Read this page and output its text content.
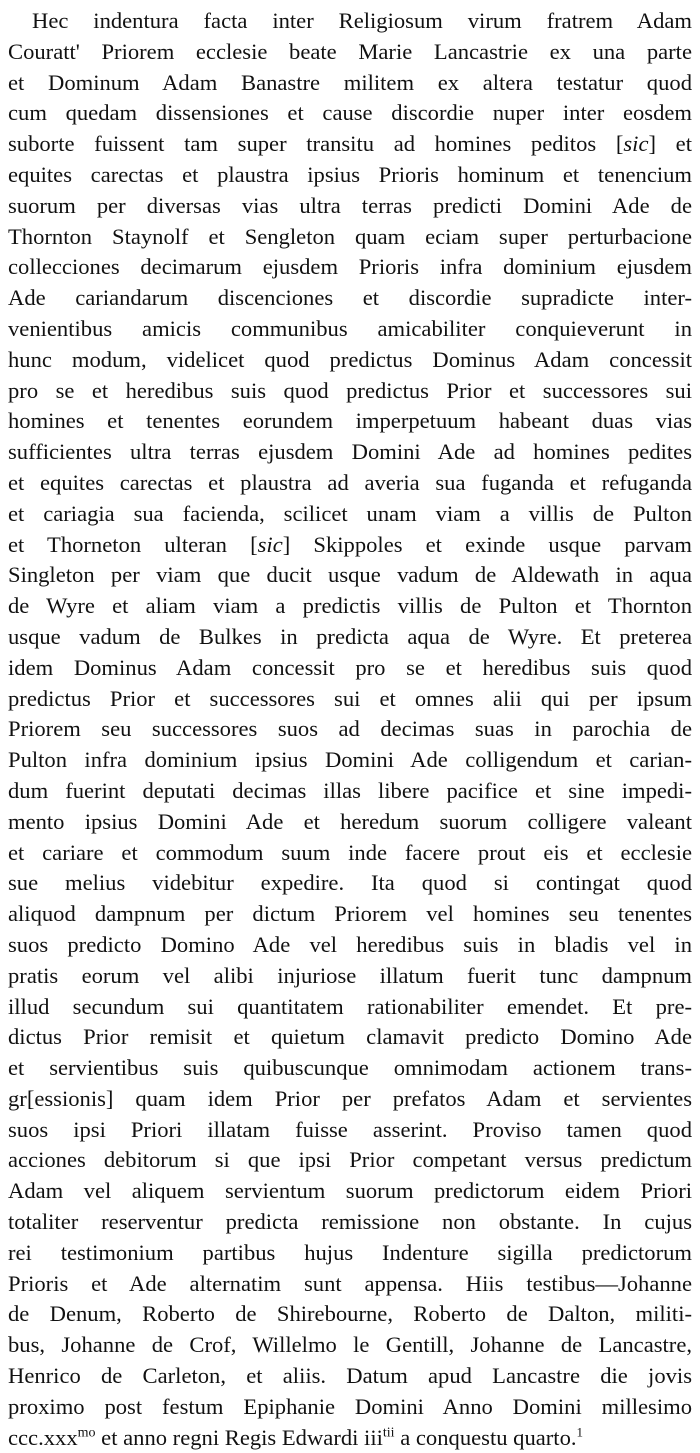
Hec indentura facta inter Religiosum virum fratrem Adam
Couratt' Priorem ecclesie beate Marie Lancastrie ex una parte
et Dominum Adam Banastre militem ex altera testatur quod
cum quedam dissensiones et cause discordie nuper inter eosdem
suborte fuissent tam super transitu ad homines peditos [sic] et
equites carectas et plaustra ipsius Prioris hominum et tenencium
suorum per diversas vias ultra terras predicti Domini Ade de
Thornton Staynolf et Sengleton quam eciam super perturbacione
collecciones decimarum ejusdem Prioris infra dominium ejusdem
Ade cariandarum discenciones et discordie supradicte inter-
venientibus amicis communibus amicabiliter conquieverunt in
hunc modum, videlicet quod predictus Dominus Adam concessit
pro se et heredibus suis quod predictus Prior et successores sui
homines et tenentes eorundem imperpetuum habeant duas vias
sufficientes ultra terras ejusdem Domini Ade ad homines pedites
et equites carectas et plaustra ad averia sua fuganda et refuganda
et cariagia sua facienda, scilicet unam viam a villis de Pulton
et Thorneton ulteran [sic] Skippoles et exinde usque parvam
Singleton per viam que ducit usque vadum de Aldewath in aqua
de Wyre et aliam viam a predictis villis de Pulton et Thornton
usque vadum de Bulkes in predicta aqua de Wyre. Et preterea
idem Dominus Adam concessit pro se et heredibus suis quod
predictus Prior et successores sui et omnes alii qui per ipsum
Priorem seu successores suos ad decimas suas in parochia de
Pulton infra dominium ipsius Domini Ade colligendum et carian-
dum fuerint deputati decimas illas libere pacifice et sine impedi-
mento ipsius Domini Ade et heredum suorum colligere valeant
et cariare et commodum suum inde facere prout eis et ecclesie
sue melius videbitur expedire. Ita quod si contingat quod
aliquod dampnum per dictum Priorem vel homines seu tenentes
suos predicto Domino Ade vel heredibus suis in bladis vel in
pratis eorum vel alibi injuriose illatum fuerit tunc dampnum
illud secundum sui quantitatem rationabiliter emendet. Et pre-
dictus Prior remisit et quietum clamavit predicto Domino Ade
et servientibus suis quibuscunque omnimodam actionem trans-
gr[essionis] quam idem Prior per prefatos Adam et servientes
suos ipsi Priori illatam fuisse asserint. Proviso tamen quod
acciones debitorum si que ipsi Prior competant versus predictum
Adam vel aliquem servientum suorum predictorum eidem Priori
totaliter reserventur predicta remissione non obstante. In cujus
rei testimonium partibus hujus Indenture sigilla predictorum
Prioris et Ade alternatim sunt appensa. Hiis testibus—Johanne
de Denum, Roberto de Shirebourne, Roberto de Dalton, militi-
bus, Johanne de Crof, Willelmo le Gentill, Johanne de Lancastre,
Henrico de Carleton, et aliis. Datum apud Lancastre die jovis
proximo post festum Epiphanie Domini Anno Domini millesimo
ccc.xxx$^{mo}$ et anno regni Regis Edwardi iii$^{tii}$ a conquestu quarto.$^1$
